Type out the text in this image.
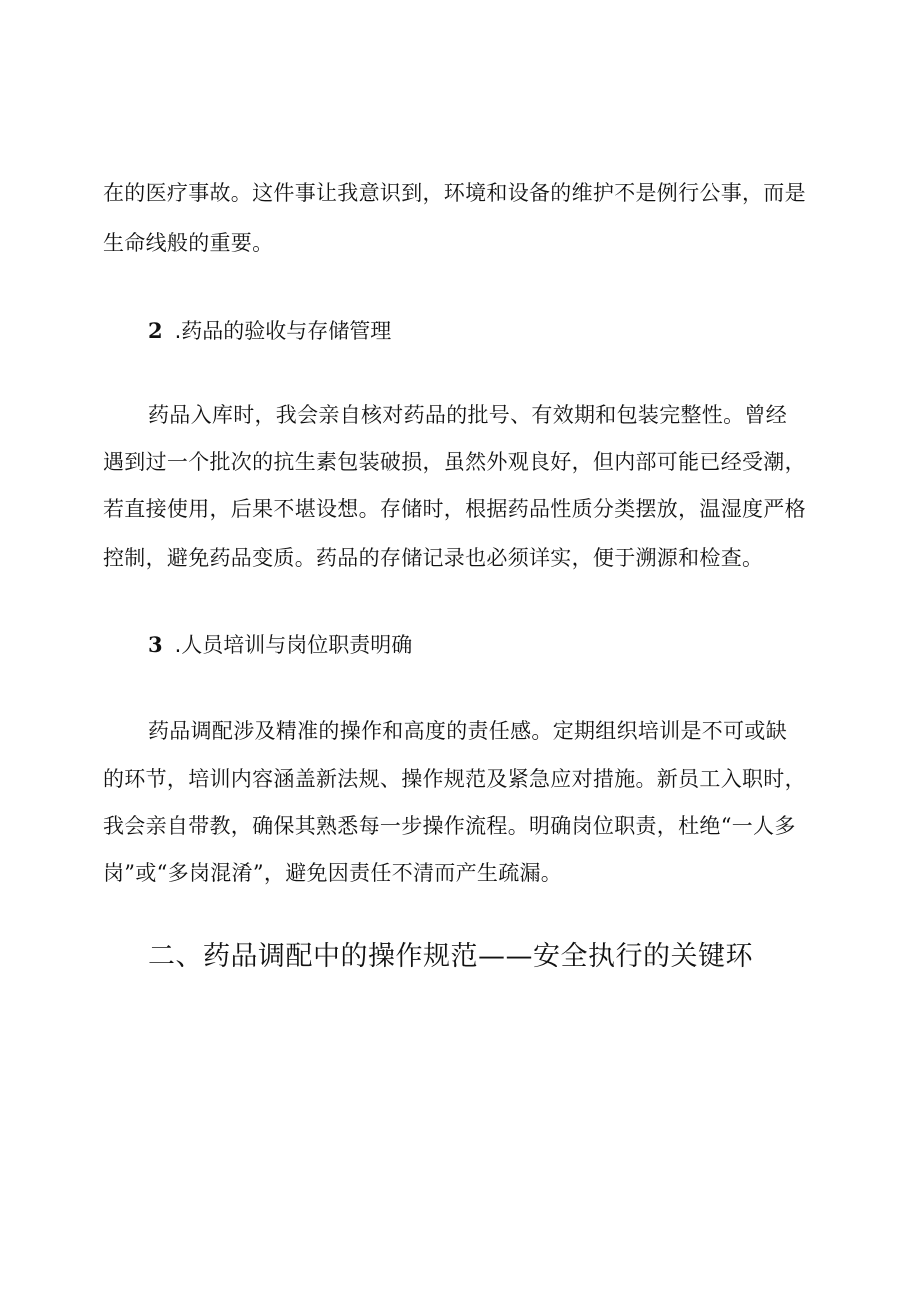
在的医疗事故。这件事让我意识到，环境和设备的维护不是例行公事，而是
生命线般的重要。
2 .药品的验收与存储管理
药品入库时，我会亲自核对药品的批号、有效期和包装完整性。曾经
遇到过一个批次的抗生素包装破损，虽然外观良好，但内部可能已经受潮，
若直接使用，后果不堪设想。存储时，根据药品性质分类摆放，温湿度严格
控制，避免药品变质。药品的存储记录也必须详实，便于溯源和检查。
3 .人员培训与岗位职责明确
药品调配涉及精准的操作和高度的责任感。定期组织培训是不可或缺
的环节，培训内容涵盖新法规、操作规范及紧急应对措施。新员工入职时，
我会亲自带教，确保其熟悉每一步操作流程。明确岗位职责，杜绝“一人多
岗”或“多岗混淆”，避免因责任不清而产生疏漏。
二、药品调配中的操作规范——安全执行的关键环
